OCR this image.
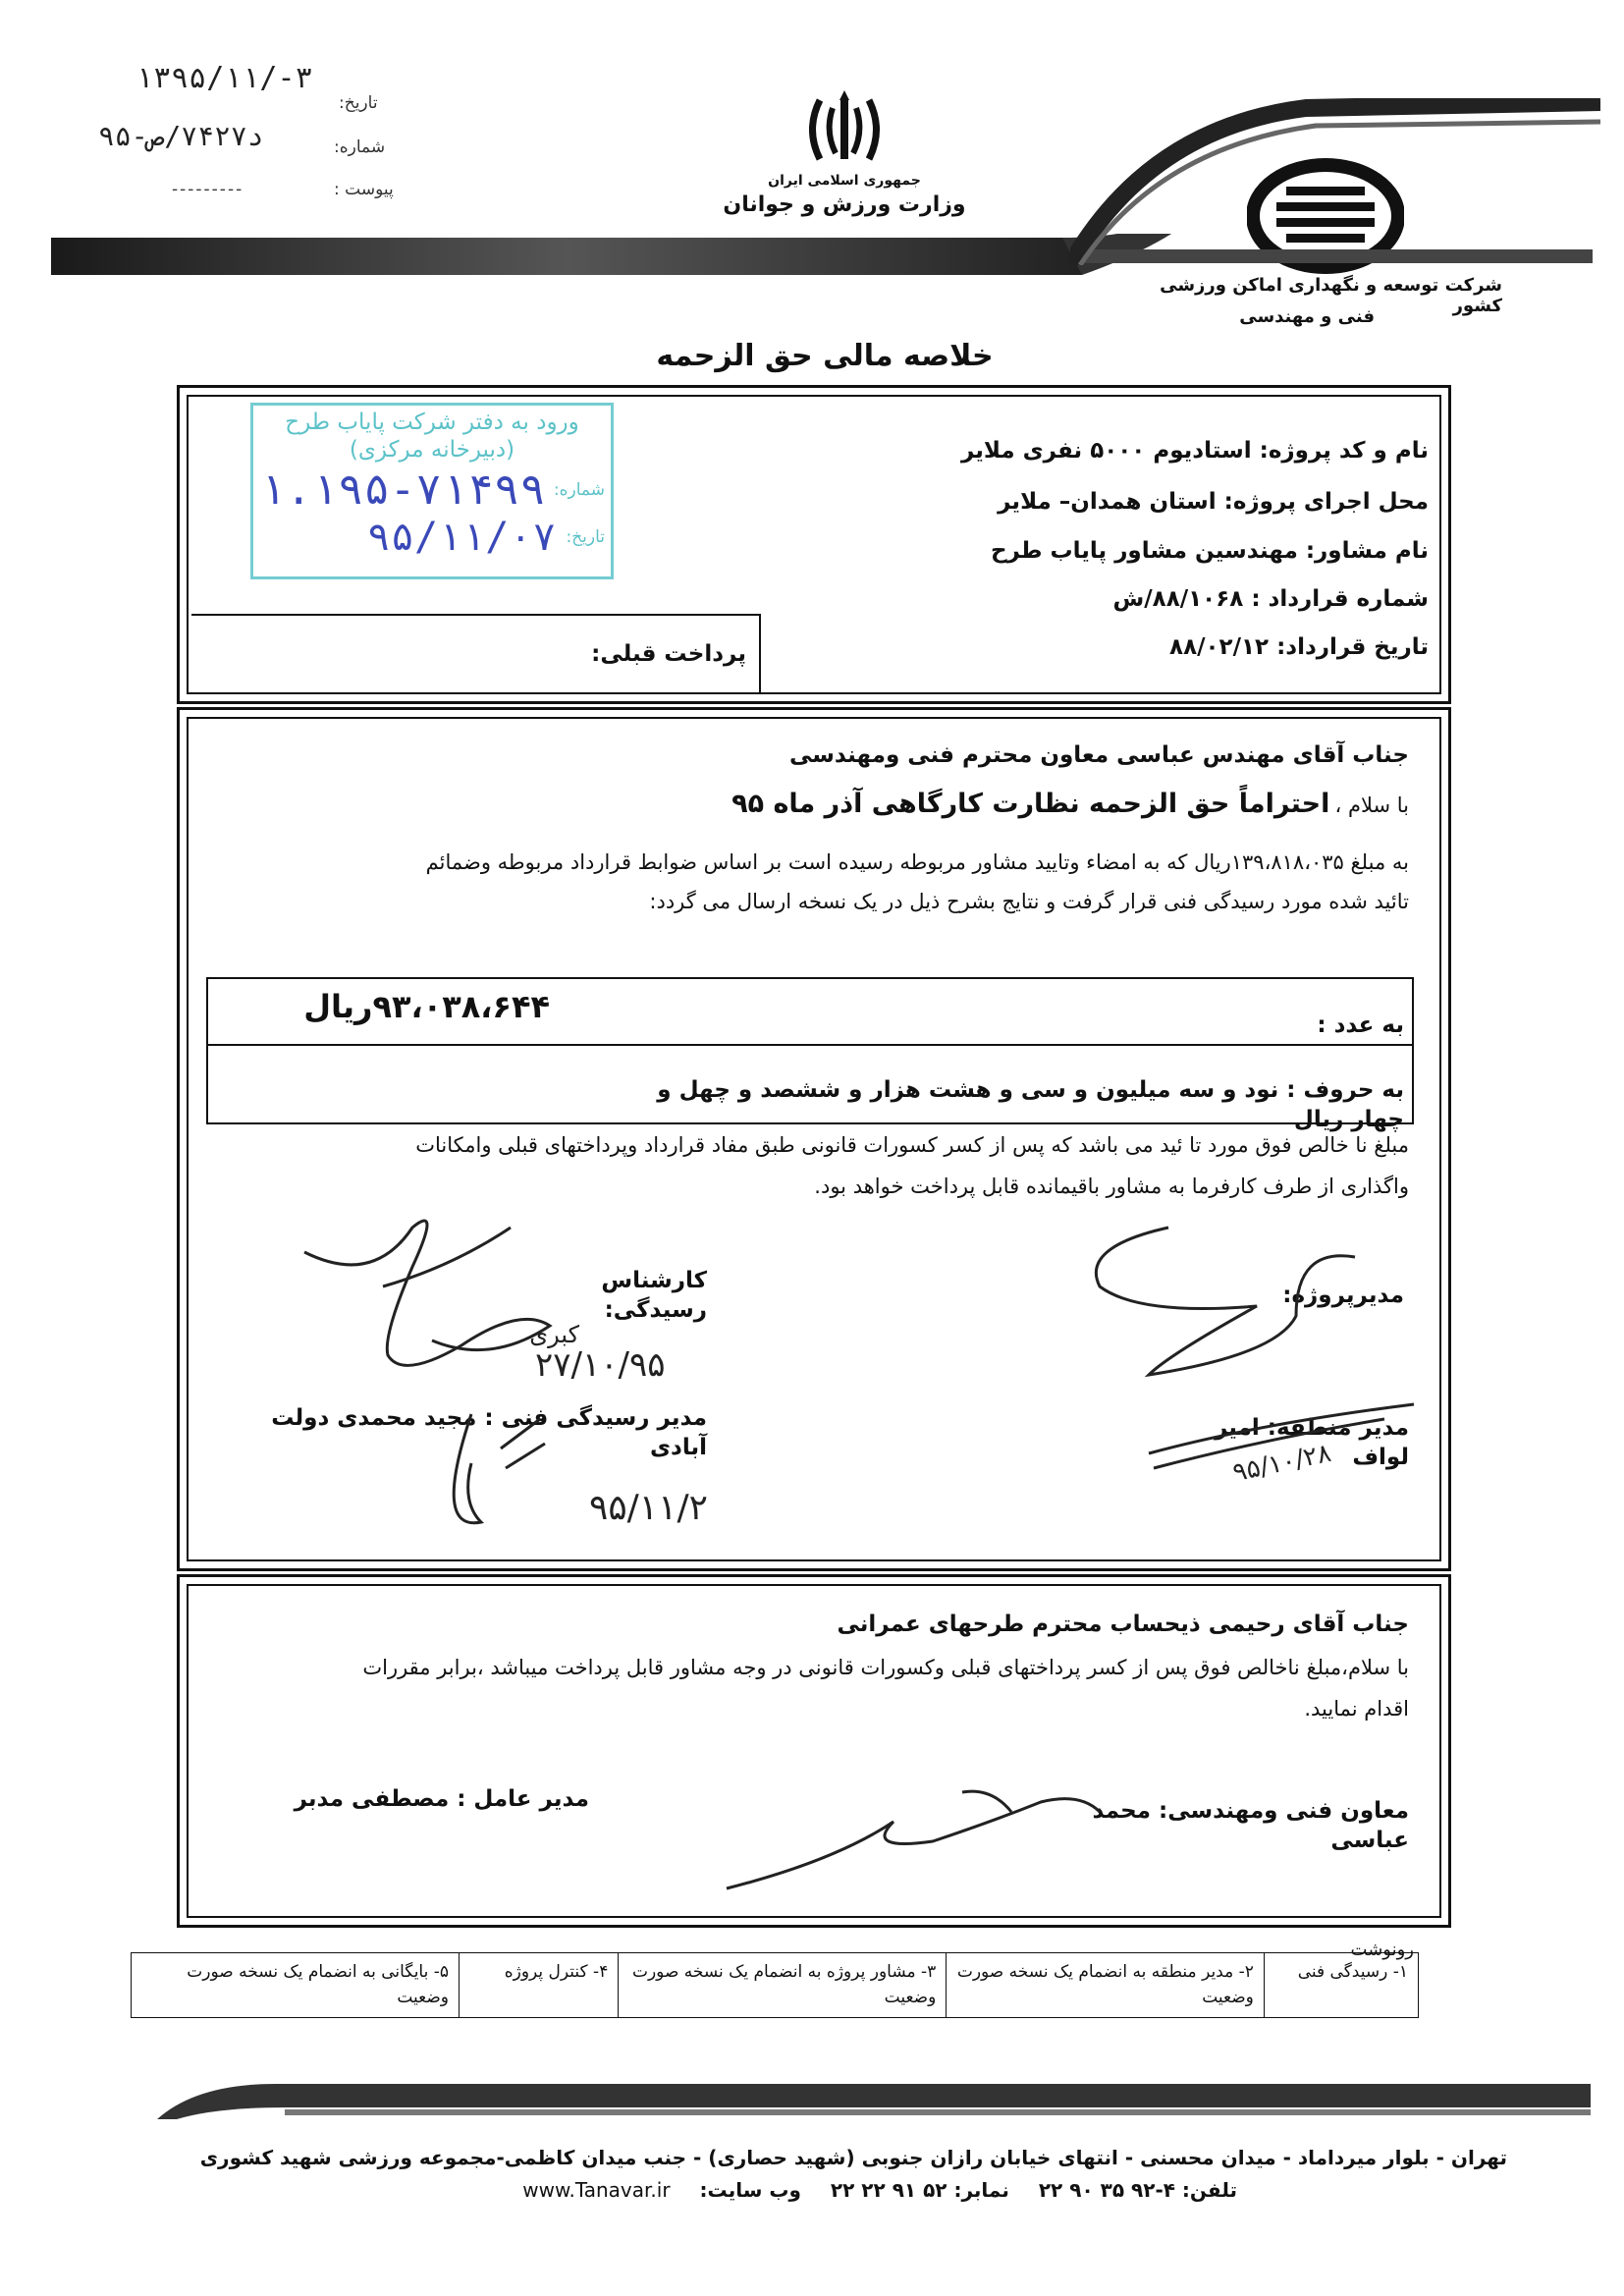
تاریخ:
۱۳۹۵/۱۱/-۳
شماره:
۹۵-د۷۴۲۷/ص
پیوست :
---------	جمهوری اسلامی ایران
وزارت ورزش و جوانان
شرکت توسعه و نگهداری اماکن ورزشی کشور
فنی و مهندسی
خلاصه مالی حق الزحمه
نام و کد پروژه: استادیوم ۵۰۰۰ نفری ملایر
محل اجرای پروژه: استان همدان– ملایر
نام مشاور: مهندسین مشاور پایاب طرح
شماره قرارداد : ۸۸/۱۰۶۸/ش
تاریخ قرارداد: ۸۸/۰۲/۱۲
پرداخت قبلی:
ورود به دفتر شرکت پایاب طرح
(دبیرخانه مرکزی)
شماره:
۱.۱۹۵-۷۱۴۹۹
تاریخ:
۹۵/۱۱/۰۷
جناب آقای مهندس عباسی معاون محترم فنی ومهندسی
با سلام ، احتراماً حق الزحمه نظارت کارگاهی آذر ماه ۹۵
به مبلغ ۱۳۹،۸۱۸،۰۳۵ریال که به امضاء وتایید مشاور مربوطه رسیده است بر اساس ضوابط قرارداد مربوطه وضمائم
تائید شده مورد رسیدگی فنی قرار گرفت و نتایج بشرح ذیل در یک نسخه ارسال می گردد:
به عدد :
۹۳،۰۳۸،۶۴۴ریال
به حروف : نود و سه میلیون و سی و هشت هزار و ششصد و چهل و چهار ریال
مبلغ نا خالص فوق مورد تا ئید می باشد که پس از کسر کسورات قانونی طبق مفاد قرارداد وپرداختهای قبلی وامکانات
واگذاری از طرف کارفرما به مشاور باقیمانده قابل پرداخت خواهد بود.
کارشناس رسیدگی:
مدیرپروژه:
کبری
۲۷/۱۰/۹۵
مدیر رسیدگی فنی : مجید محمدی دولت آبادی
مدیر منطقه: امیر لواف
۹۵/۱۱/۲
۹۵/۱۰/۲۸
جناب آقای رحیمی ذیحساب محترم طرحهای عمرانی
با سلام،مبلغ ناخالص فوق پس از کسر پرداختهای قبلی وکسورات قانونی در وجه مشاور قابل پرداخت میباشد ،برابر مقررات
اقدام نمایید.
معاون فنی ومهندسی: محمد عباسی
مدیر عامل : مصطفی مدبر
رونوشت
۱- رسیدگی فنی	۲- مدیر منطقه به انضمام یک نسخه صورت وضعیت	۳- مشاور پروژه به انضمام یک نسخه صورت وضعیت	۴- کنترل پروژه	۵- بایگانی به انضمام یک نسخه صورت وضعیت
تهران - بلوار میرداماد - میدان محسنی - انتهای خیابان رازان جنوبی (شهید حصاری) - جنب میدان کاظمی-مجموعه ورزشی شهید کشوری
تلفن: ۴-۹۲ ۳۵ ۹۰ ۲۲
نمابر: ۵۲ ۹۱ ۲۲ ۲۲
وب سایت:
www.Tanavar.ir
